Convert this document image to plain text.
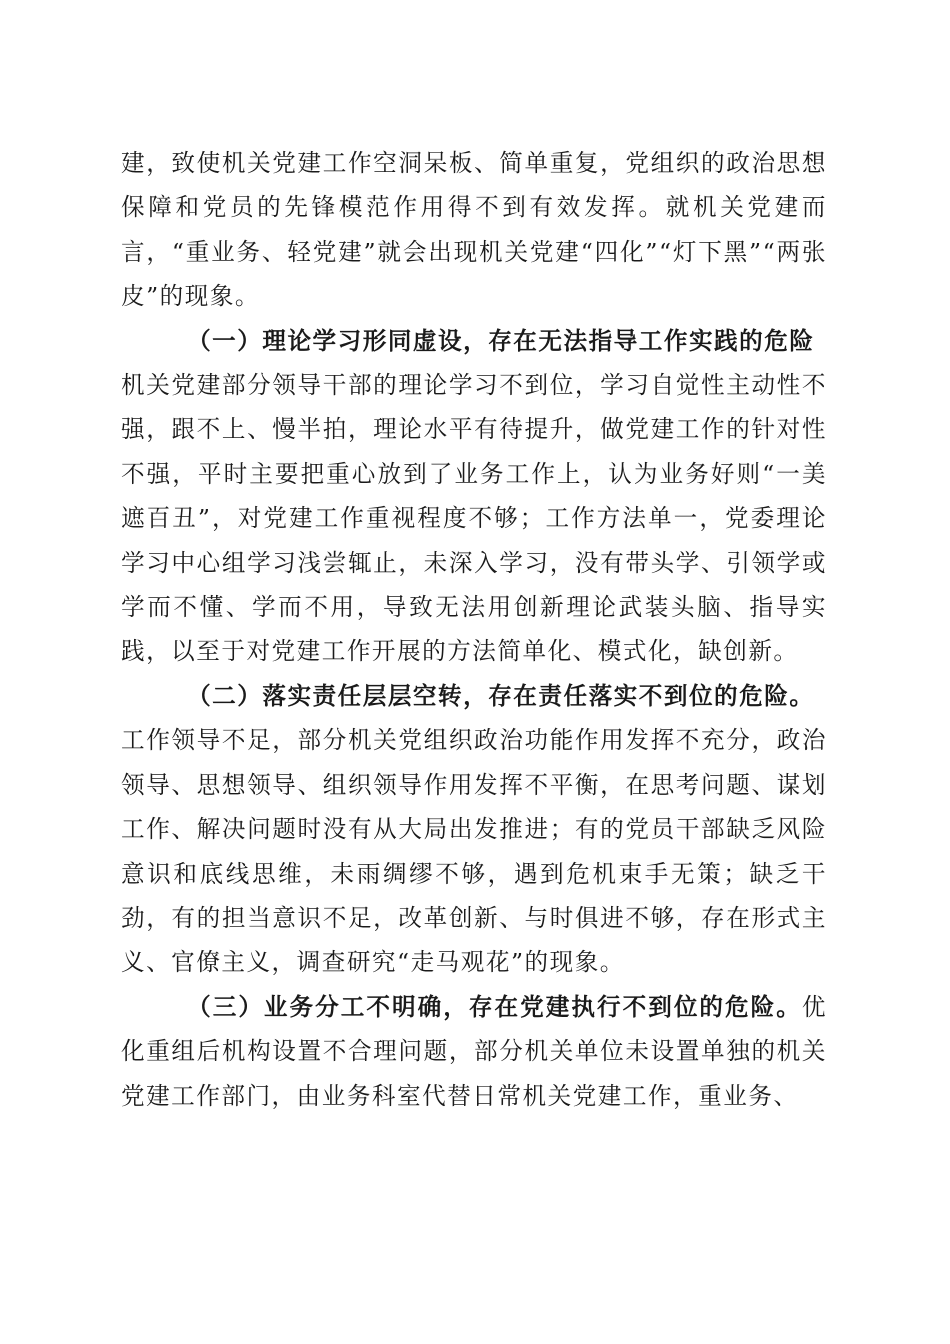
建，致使机关党建工作空洞呆板、简单重复，党组织的政治思想保障和党员的先锋模范作用得不到有效发挥。就机关党建而言，“重业务、轻党建”就会出现机关党建“四化”“灯下黑”“两张皮”的现象。

（一）理论学习形同虚设，存在无法指导工作实践的危险
机关党建部分领导干部的理论学习不到位，学习自觉性主动性不强，跟不上、慢半拍，理论水平有待提升，做党建工作的针对性不强，平时主要把重心放到了业务工作上，认为业务好则“一美遮百丑”，对党建工作重视程度不够；工作方法单一，党委理论学习中心组学习浅尝辄止，未深入学习，没有带头学、引领学或学而不懂、学而不用，导致无法用创新理论武装头脑、指导实践，以至于对党建工作开展的方法简单化、模式化，缺创新。

（二）落实责任层层空转，存在责任落实不到位的危险。
工作领导不足，部分机关党组织政治功能作用发挥不充分，政治领导、思想领导、组织领导作用发挥不平衡，在思考问题、谋划工作、解决问题时没有从大局出发推进；有的党员干部缺乏风险意识和底线思维，未雨绸缪不够，遇到危机束手无策；缺乏干劲，有的担当意识不足，改革创新、与时俱进不够，存在形式主义、官僚主义，调查研究“走马观花”的现象。

（三）业务分工不明确，存在党建执行不到位的危险。优化重组后机构设置不合理问题，部分机关单位未设置单独的机关党建工作部门，由业务科室代替日常机关党建工作，重业务、
